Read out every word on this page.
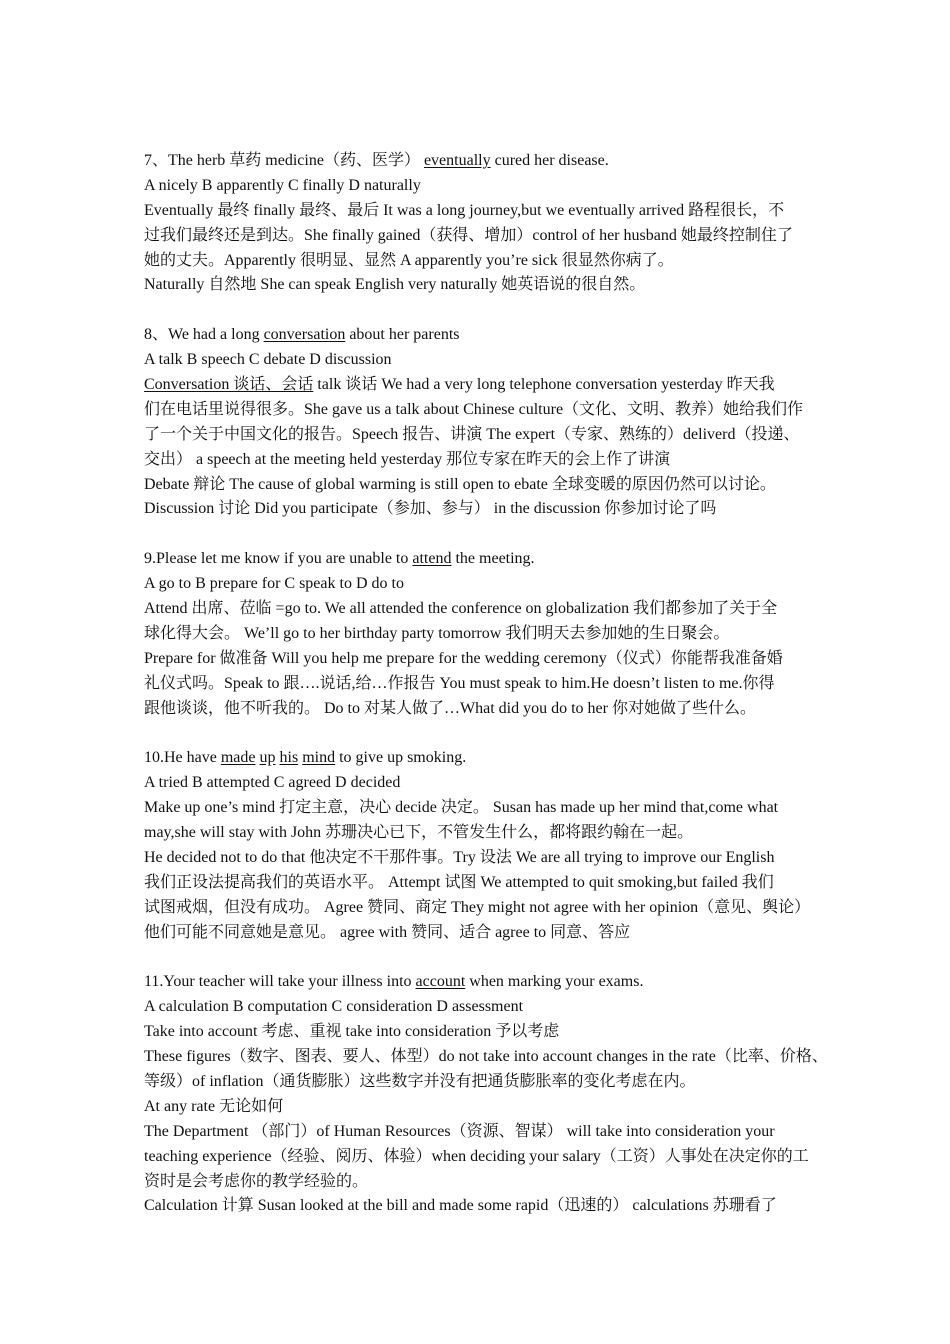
7、The herb 草药 medicine（药、医学） eventually cured her disease.
A nicely B apparently C finally D naturally
Eventually 最终 finally 最终、最后 It was a long journey,but we eventually arrived 路程很长，不
过我们最终还是到达。She finally gained（获得、增加）control of her husband 她最终控制住了
她的丈夫。Apparently 很明显、显然 A apparently you’re sick 很显然你病了。
Naturally 自然地 She can speak English very naturally 她英语说的很自然。
8、We had a long conversation about her parents
A talk B speech C debate D discussion
Conversation 谈话、会话 talk 谈话 We had a very long telephone conversation yesterday 昨天我
们在电话里说得很多。She gave us a talk about Chinese culture（文化、文明、教养）她给我们作
了一个关于中国文化的报告。Speech 报告、讲演 The expert（专家、熟练的）deliverd（投递、
交出） a speech at the meeting held yesterday 那位专家在昨天的会上作了讲演
Debate 辩论 The cause of global warming is still open to ebate 全球变暖的原因仍然可以讨论。
Discussion 讨论 Did you participate（参加、参与） in the discussion 你参加讨论了吗
9.Please let me know if you are unable to attend the meeting.
A go to B prepare for C speak to D do to
Attend 出席、莅临 =go to. We all attended the conference on globalization 我们都参加了关于全
球化得大会。 We’ll go to her birthday party tomorrow 我们明天去参加她的生日聚会。
Prepare for 做准备 Will you help me prepare for the wedding ceremony（仪式）你能帮我准备婚
礼仪式吗。Speak to 跟….说话,给…作报告 You must speak to him.He doesn’t listen to me.你得
跟他谈谈，他不听我的。 Do to 对某人做了…What did you do to her 你对她做了些什么。
10.He have made up his mind to give up smoking.
A tried B attempted C agreed D decided
Make up one’s mind 打定主意，决心 decide 决定。 Susan has made up her mind that,come what
may,she will stay with John 苏珊决心已下，不管发生什么，都将跟约翰在一起。
He decided not to do that 他决定不干那件事。Try 设法 We are all trying to improve our English
我们正设法提高我们的英语水平。 Attempt 试图 We attempted to quit smoking,but failed 我们
试图戒烟，但没有成功。 Agree 赞同、商定 They might not agree with her opinion（意见、舆论）
他们可能不同意她是意见。 agree with 赞同、适合 agree to 同意、答应
11.Your teacher will take your illness into account when marking your exams.
A calculation B computation C consideration D assessment
Take into account 考虑、重视 take into consideration 予以考虑
These figures（数字、图表、要人、体型）do not take into account changes in the rate（比率、价格、
等级）of inflation（通货膨胀）这些数字并没有把通货膨胀率的变化考虑在内。
At any rate 无论如何
The Department （部门）of Human Resources（资源、智谋） will take into consideration your
teaching experience（经验、阅历、体验）when deciding your salary（工资）人事处在决定你的工
资时是会考虑你的教学经验的。
Calculation 计算 Susan looked at the bill and made some rapid（迅速的） calculations 苏珊看了
